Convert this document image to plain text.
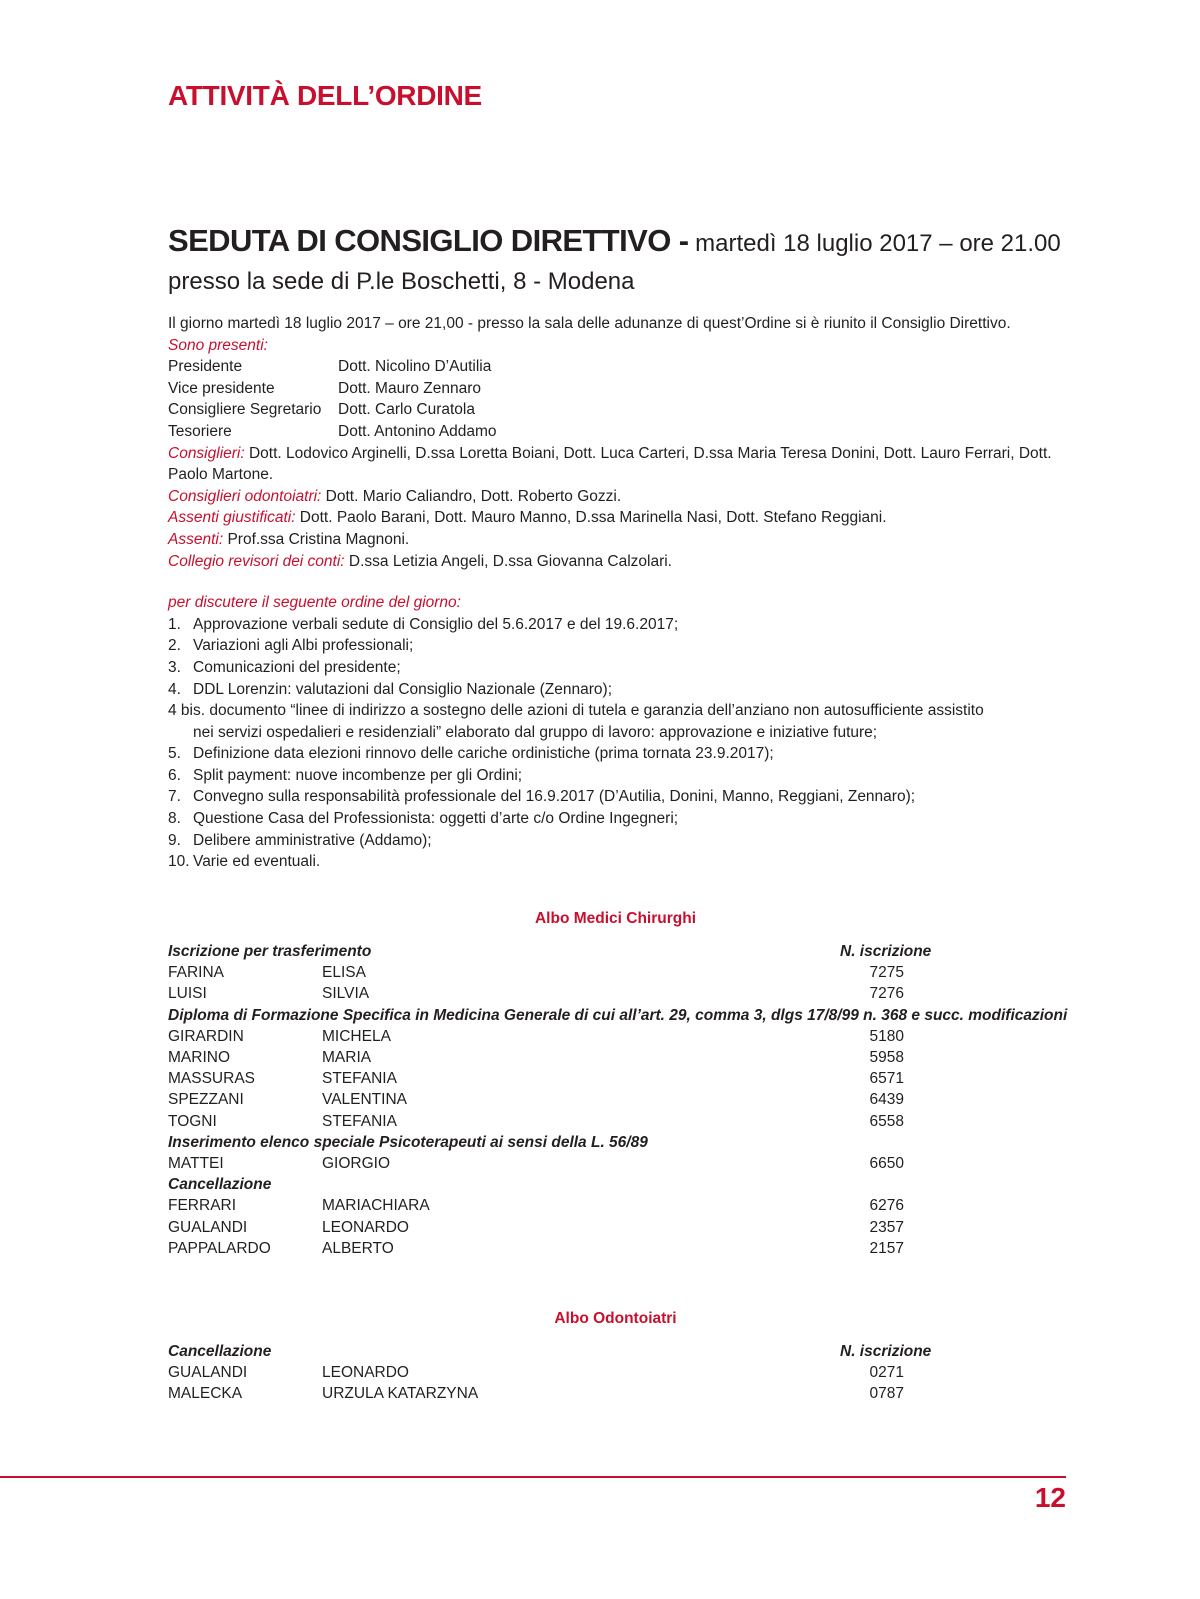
ATTIVITÀ DELL’ORDINE
SEDUTA DI CONSIGLIO DIRETTIVO - martedì 18 luglio 2017 – ore 21.00
presso la sede di P.le Boschetti, 8 - Modena
Il giorno martedì 18 luglio 2017 – ore 21,00 - presso la sala delle adunanze di quest’Ordine si è riunito il Consiglio Direttivo.
Sono presenti:
Presidente	Dott. Nicolino D’Autilia
Vice presidente	Dott. Mauro Zennaro
Consigliere Segretario	Dott. Carlo Curatola
Tesoriere	Dott. Antonino Addamo
Consiglieri: Dott. Lodovico Arginelli, D.ssa Loretta Boiani, Dott. Luca Carteri, D.ssa Maria Teresa Donini, Dott. Lauro Ferrari, Dott. Paolo Martone.
Consiglieri odontoiatri: Dott. Mario Caliandro, Dott. Roberto Gozzi.
Assenti giustificati: Dott. Paolo Barani, Dott. Mauro Manno, D.ssa Marinella Nasi, Dott. Stefano Reggiani.
Assenti: Prof.ssa Cristina Magnoni.
Collegio revisori dei conti: D.ssa Letizia Angeli, D.ssa Giovanna Calzolari.
per discutere il seguente ordine del giorno:
1. Approvazione verbali sedute di Consiglio del 5.6.2017 e del 19.6.2017;
2. Variazioni agli Albi professionali;
3. Comunicazioni del presidente;
4. DDL Lorenzin: valutazioni dal Consiglio Nazionale (Zennaro);
4 bis. documento “linee di indirizzo a sostegno delle azioni di tutela e garanzia dell’anziano non autosufficiente assistito
nei servizi ospedalieri e residenziali” elaborato dal gruppo di lavoro: approvazione e iniziative future;
5. Definizione data elezioni rinnovo delle cariche ordinistiche (prima tornata 23.9.2017);
6. Split payment: nuove incombenze per gli Ordini;
7. Convegno sulla responsabilità professionale del 16.9.2017 (D’Autilia, Donini, Manno, Reggiani, Zennaro);
8. Questione Casa del Professionista: oggetti d’arte c/o Ordine Ingegneri;
9. Delibere amministrative (Addamo);
10. Varie ed eventuali.
Albo Medici Chirurghi
Iscrizione per trasferimento	N. iscrizione
FARINA	ELISA	7275
LUISI	SILVIA	7276
Diploma di Formazione Specifica in Medicina Generale di cui all’art. 29, comma 3, dlgs 17/8/99 n. 368 e succ. modificazioni
GIRARDIN	MICHELA	5180
MARINO	MARIA	5958
MASSURAS	STEFANIA	6571
SPEZZANI	VALENTINA	6439
TOGNI	STEFANIA	6558
Inserimento elenco speciale Psicoterapeuti ai sensi della L. 56/89
MATTEI	GIORGIO	6650
Cancellazione
FERRARI	MARIACHIARA	6276
GUALANDI	LEONARDO	2357
PAPPALARDO	ALBERTO	2157
Albo Odontoiatri
Cancellazione	N. iscrizione
GUALANDI	LEONARDO	0271
MALECKA	URZULA KATARZYNA	0787
12
